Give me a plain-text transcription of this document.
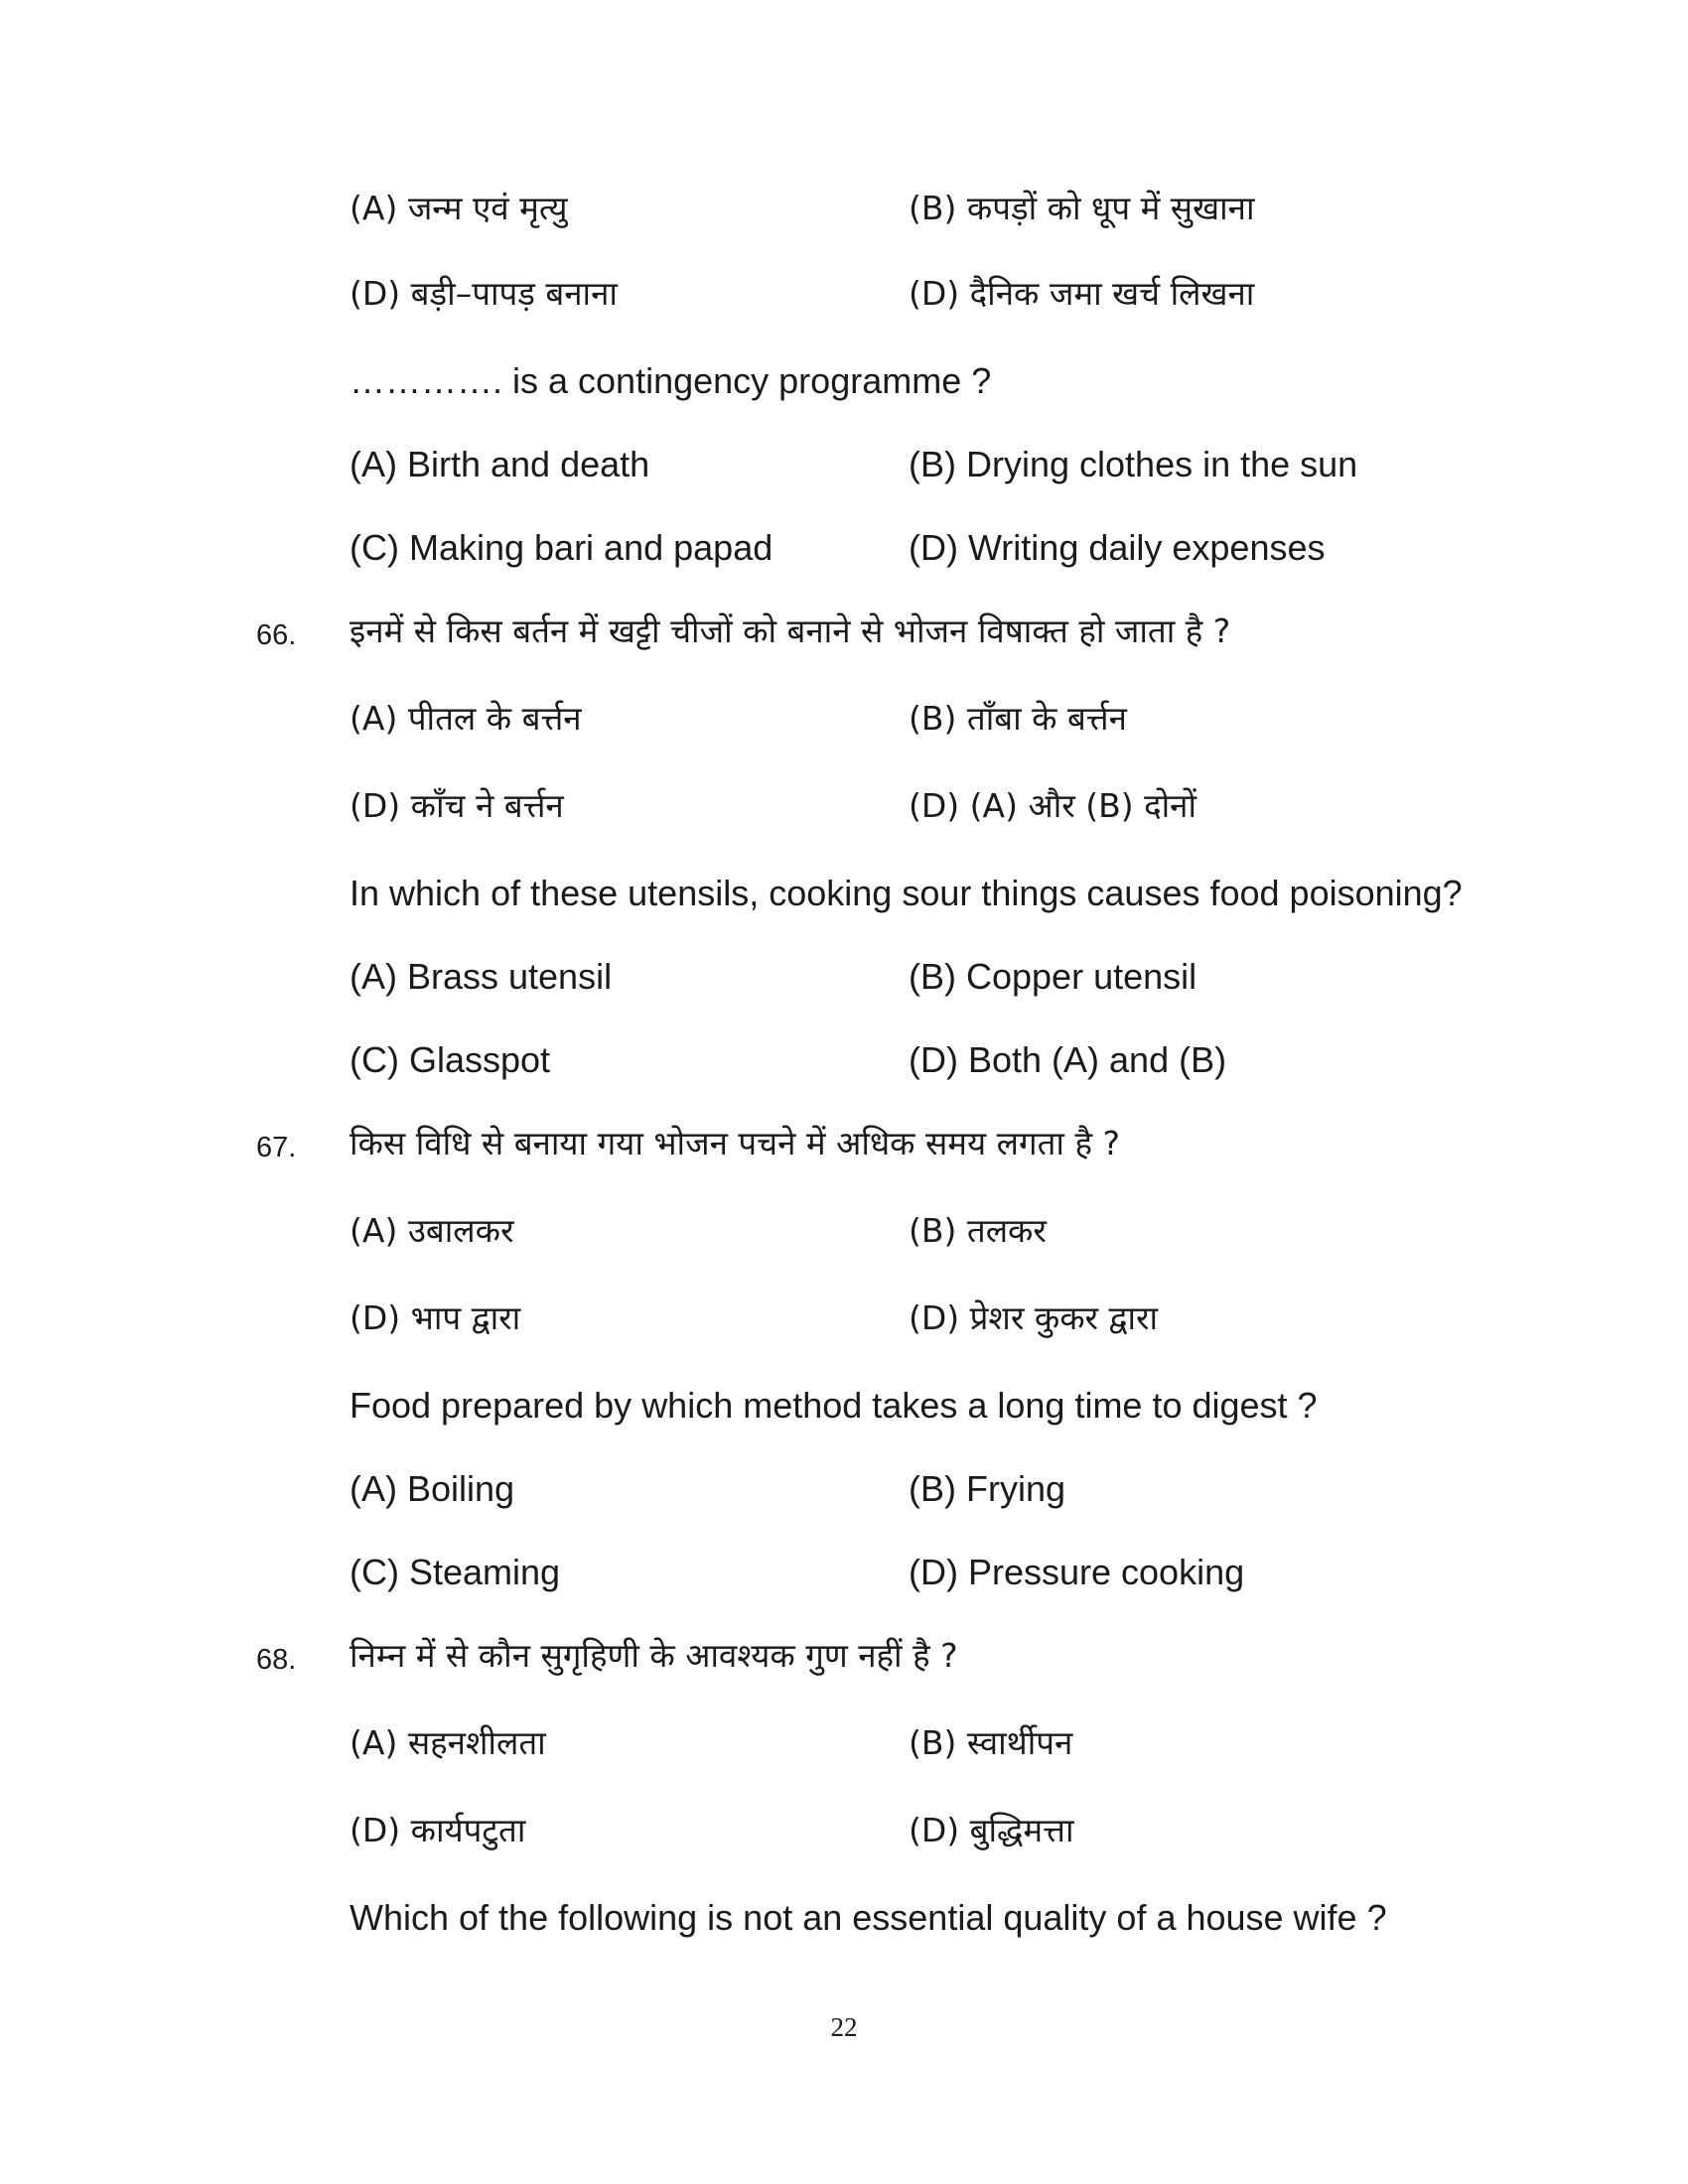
(A) जन्म एवं मृत्यु	(B) कपड़ों को धूप में सुखाना
(D) बड़ी–पापड़ बनाना	(D) दैनिक जमा खर्च लिखना
…………. is a contingency programme ?
(A) Birth and death	(B) Drying clothes in the sun
(C) Making bari and papad	(D) Writing daily expenses
66. इनमें से किस बर्तन में खट्टी चीजों को बनाने से भोजन विषाक्त हो जाता है ?
(A) पीतल के बर्त्तन	(B) ताँबा के बर्त्तन
(D) काँच ने बर्त्तन	(D) (A) और (B) दोनों
In which of these utensils, cooking sour things causes food poisoning?
(A) Brass utensil	(B) Copper utensil
(C) Glasspot	(D) Both (A) and (B)
67. किस विधि से बनाया गया भोजन पचने में अधिक समय लगता है ?
(A) उबालकर	(B) तलकर
(D) भाप द्वारा	(D) प्रेशर कुकर द्वारा
Food prepared by which method takes a long time to digest ?
(A) Boiling	(B) Frying
(C) Steaming	(D) Pressure cooking
68. निम्न में से कौन सुगृहिणी के आवश्यक गुण नहीं है ?
(A) सहनशीलता	(B) स्वार्थीपन
(D) कार्यपटुता	(D) बुद्धिमत्ता
Which of the following is not an essential quality of a house wife ?
22
